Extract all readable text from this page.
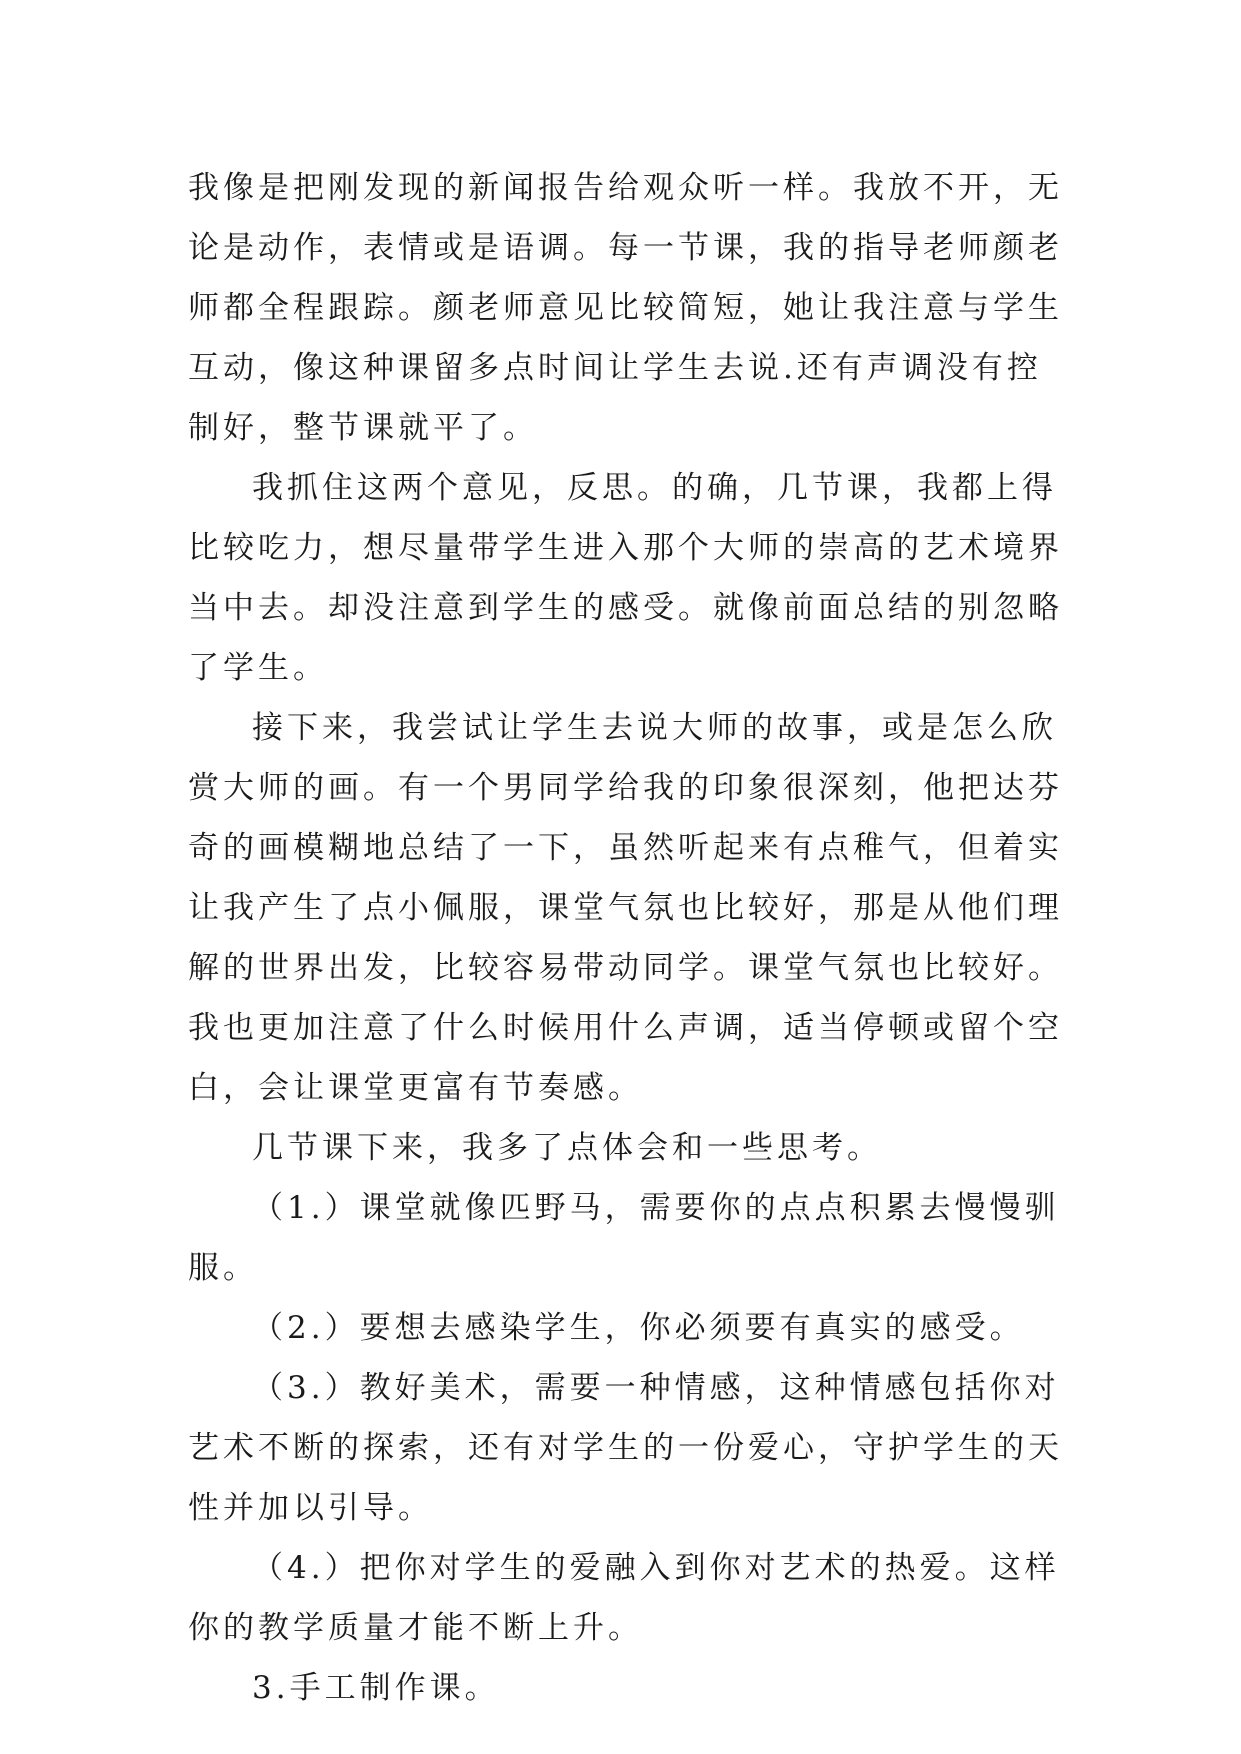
我像是把刚发现的新闻报告给观众听一样。我放不开，无论是动作，表情或是语调。每一节课，我的指导老师颜老师都全程跟踪。颜老师意见比较简短，她让我注意与学生互动，像这种课留多点时间让学生去说.还有声调没有控制好，整节课就平了。

我抓住这两个意见，反思。的确，几节课，我都上得比较吃力，想尽量带学生进入那个大师的崇高的艺术境界当中去。却没注意到学生的感受。就像前面总结的别忽略了学生。

接下来，我尝试让学生去说大师的故事，或是怎么欣赏大师的画。有一个男同学给我的印象很深刻，他把达芬奇的画模糊地总结了一下，虽然听起来有点稚气，但着实让我产生了点小佩服，课堂气氛也比较好，那是从他们理解的世界出发，比较容易带动同学。课堂气氛也比较好。我也更加注意了什么时候用什么声调，适当停顿或留个空白，会让课堂更富有节奏感。

几节课下来，我多了点体会和一些思考。

（1.）课堂就像匹野马，需要你的点点积累去慢慢驯服。

（2.）要想去感染学生，你必须要有真实的感受。

（3.）教好美术，需要一种情感，这种情感包括你对艺术不断的探索，还有对学生的一份爱心，守护学生的天性并加以引导。

（4.）把你对学生的爱融入到你对艺术的热爱。这样你的教学质量才能不断上升。

3.手工制作课。
